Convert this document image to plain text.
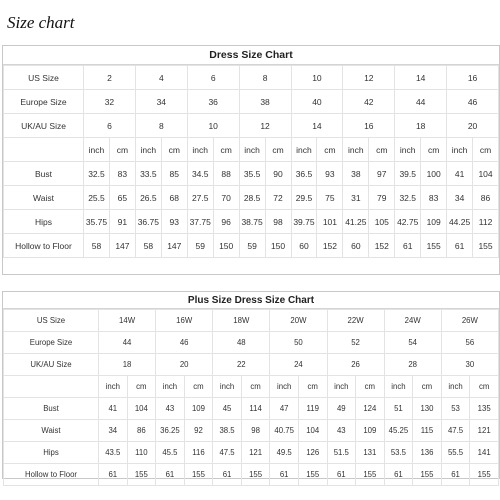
Size chart
Dress Size Chart
US Size	2		4		6		8		10		12		14		16	
Europe Size	32		34		36		38		40		42		44		46	
UK/AU Size	6		8		10		12		14		16		18		20	
	inch	cm	inch	cm	inch	cm	inch	cm	inch	cm	inch	cm	inch	cm	inch	cm
Bust	32.5	83	33.5	85	34.5	88	35.5	90	36.5	93	38	97	39.5	100	41	104
Waist	25.5	65	26.5	68	27.5	70	28.5	72	29.5	75	31	79	32.5	83	34	86
Hips	35.75	91	36.75	93	37.75	96	38.75	98	39.75	101	41.25	105	42.75	109	44.25	112
Hollow to Floor	58	147	58	147	59	150	59	150	60	152	60	152	61	155	61	155
Plus Size Dress Size Chart
US Size	14W		16W		18W		20W		22W		24W		26W	
Europe Size	44		46		48		50		52		54		56	
UK/AU Size	18		20		22		24		26		28		30	
	inch	cm	inch	cm	inch	cm	inch	cm	inch	cm	inch	cm	inch	cm
Bust	41	104	43	109	45	114	47	119	49	124	51	130	53	135
Waist	34	86	36.25	92	38.5	98	40.75	104	43	109	45.25	115	47.5	121
Hips	43.5	110	45.5	116	47.5	121	49.5	126	51.5	131	53.5	136	55.5	141
Hollow to Floor	61	155	61	155	61	155	61	155	61	155	61	155	61	155
